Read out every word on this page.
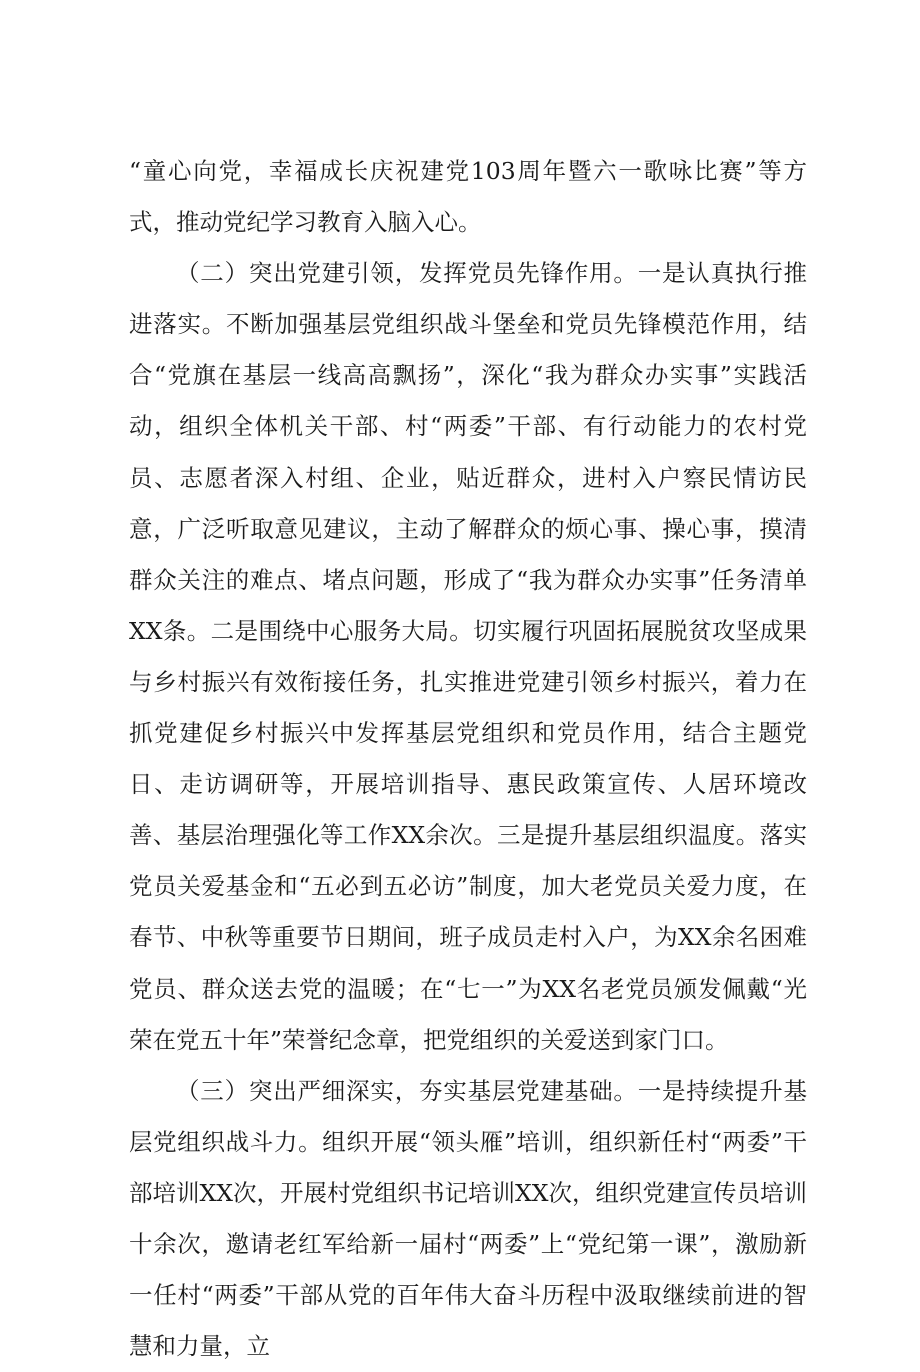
“童心向党，幸福成长庆祝建党103周年暨六一歌咏比赛”等方式，推动党纪学习教育入脑入心。

（二）突出党建引领，发挥党员先锋作用。一是认真执行推进落实。不断加强基层党组织战斗堡垒和党员先锋模范作用，结合“党旗在基层一线高高飘扬”，深化“我为群众办实事”实践活动，组织全体机关干部、村“两委”干部、有行动能力的农村党员、志愿者深入村组、企业，贴近群众，进村入户察民情访民意，广泛听取意见建议，主动了解群众的烦心事、操心事，摸清群众关注的难点、堵点问题，形成了“我为群众办实事”任务清单XX条。二是围绕中心服务大局。切实履行巩固拓展脱贫攻坚成果与乡村振兴有效衔接任务，扎实推进党建引领乡村振兴，着力在抓党建促乡村振兴中发挥基层党组织和党员作用，结合主题党日、走访调研等，开展培训指导、惠民政策宣传、人居环境改善、基层治理强化等工作XX余次。三是提升基层组织温度。落实党员关爱基金和“五必到五必访”制度，加大老党员关爱力度，在春节、中秋等重要节日期间，班子成员走村入户，为XX余名困难党员、群众送去党的温暖；在“七一”为XX名老党员颁发佩戴“光荣在党五十年”荣誉纪念章，把党组织的关爱送到家门口。

（三）突出严细深实，夯实基层党建基础。一是持续提升基层党组织战斗力。组织开展“领头雁”培训，组织新任村“两委”干部培训XX次，开展村党组织书记培训XX次，组织党建宣传员培训十余次，邀请老红军给新一届村“两委”上“党纪第一课”，激励新一任村“两委”干部从党的百年伟大奋斗历程中汲取继续前进的智慧和力量，立
